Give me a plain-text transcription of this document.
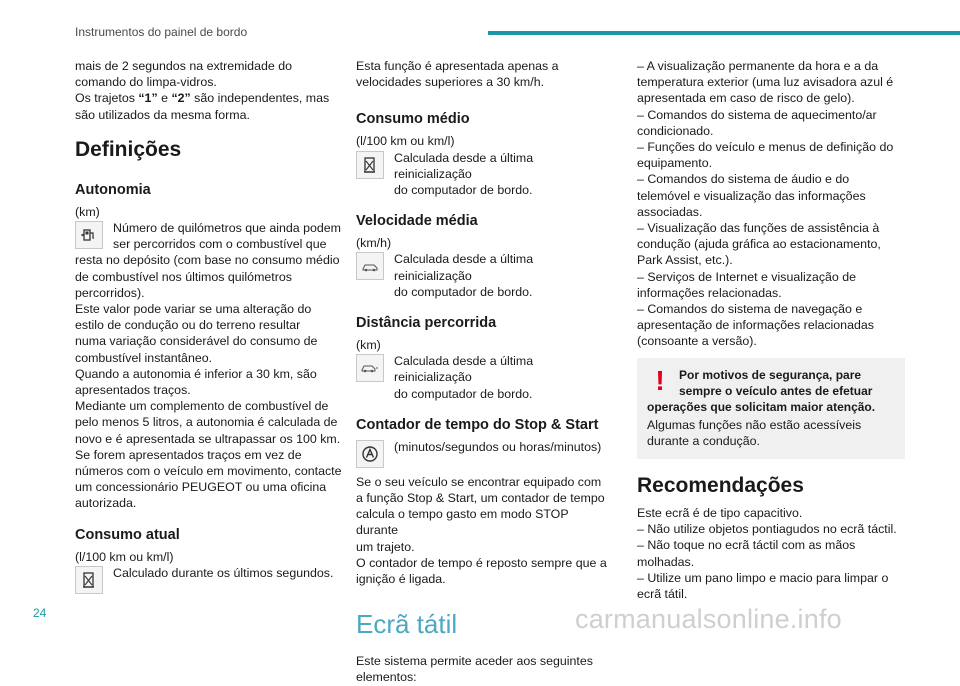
Instrumentos do painel de bordo

mais de 2 segundos na extremidade do

comando do limpa-vidros.

Os trajetos “1” e “2” são independentes, mas

são utilizados da mesma forma.

Definições
Autonomia

(km)

Número de quilómetros que ainda podem

ser percorridos com o combustível que

resta no depósito (com base no consumo médio

de combustível nos últimos quilómetros

percorridos).

Este valor pode variar se uma alteração do

estilo de condução ou do terreno resultar

numa variação considerável do consumo de

combustível instantâneo.

Quando a autonomia é inferior a 30 km, são

apresentados traços.

Mediante um complemento de combustível de

pelo menos 5 litros, a autonomia é calculada de

novo e é apresentada se ultrapassar os 100 km.

Se forem apresentados traços em vez de

números com o veículo em movimento, contacte

um concessionário PEUGEOT ou uma oficina

autorizada.

Consumo atual

(l/100 km ou km/l)

Calculado durante os últimos segundos.

Esta função é apresentada apenas a

velocidades superiores a 30 km/h.

Consumo médio

(l/100 km ou km/l)

Calculada desde a última reinicialização

do computador de bordo.

Velocidade média

(km/h)

Calculada desde a última reinicialização

do computador de bordo.

Distância percorrida

(km)

Calculada desde a última reinicialização

do computador de bordo.

Contador de tempo do Stop & Start

(minutos/segundos ou horas/minutos)

Se o seu veículo se encontrar equipado com

a função Stop & Start, um contador de tempo

calcula o tempo gasto em modo STOP durante

um trajeto.

O contador de tempo é reposto sempre que a

ignição é ligada.

Ecrã tátil

Este sistema permite aceder aos seguintes

elementos:

– A visualização permanente da hora e a da

temperatura exterior (uma luz avisadora azul é

apresentada em caso de risco de gelo).

– Comandos do sistema de aquecimento/ar

condicionado.

– Funções do veículo e menus de definição do

equipamento.

– Comandos do sistema de áudio e do

telemóvel e visualização das informações

associadas.

– Visualização das funções de assistência à

condução (ajuda gráfica ao estacionamento,

Park Assist, etc.).

– Serviços de Internet e visualização de

informações relacionadas.

– Comandos do sistema de navegação e

apresentação de informações relacionadas

(consoante a versão).

!	Por motivos de segurança, pare

sempre o veículo antes de efetuar

operações que solicitam maior atenção.

Algumas funções não estão acessíveis

durante a condução.

Recomendações

Este ecrã é de tipo capacitivo.

– Não utilize objetos pontiagudos no ecrã táctil.

– Não toque no ecrã táctil com as mãos

molhadas.

– Utilize um pano limpo e macio para limpar o

ecrã tátil.

24	carmanualsonline.info
